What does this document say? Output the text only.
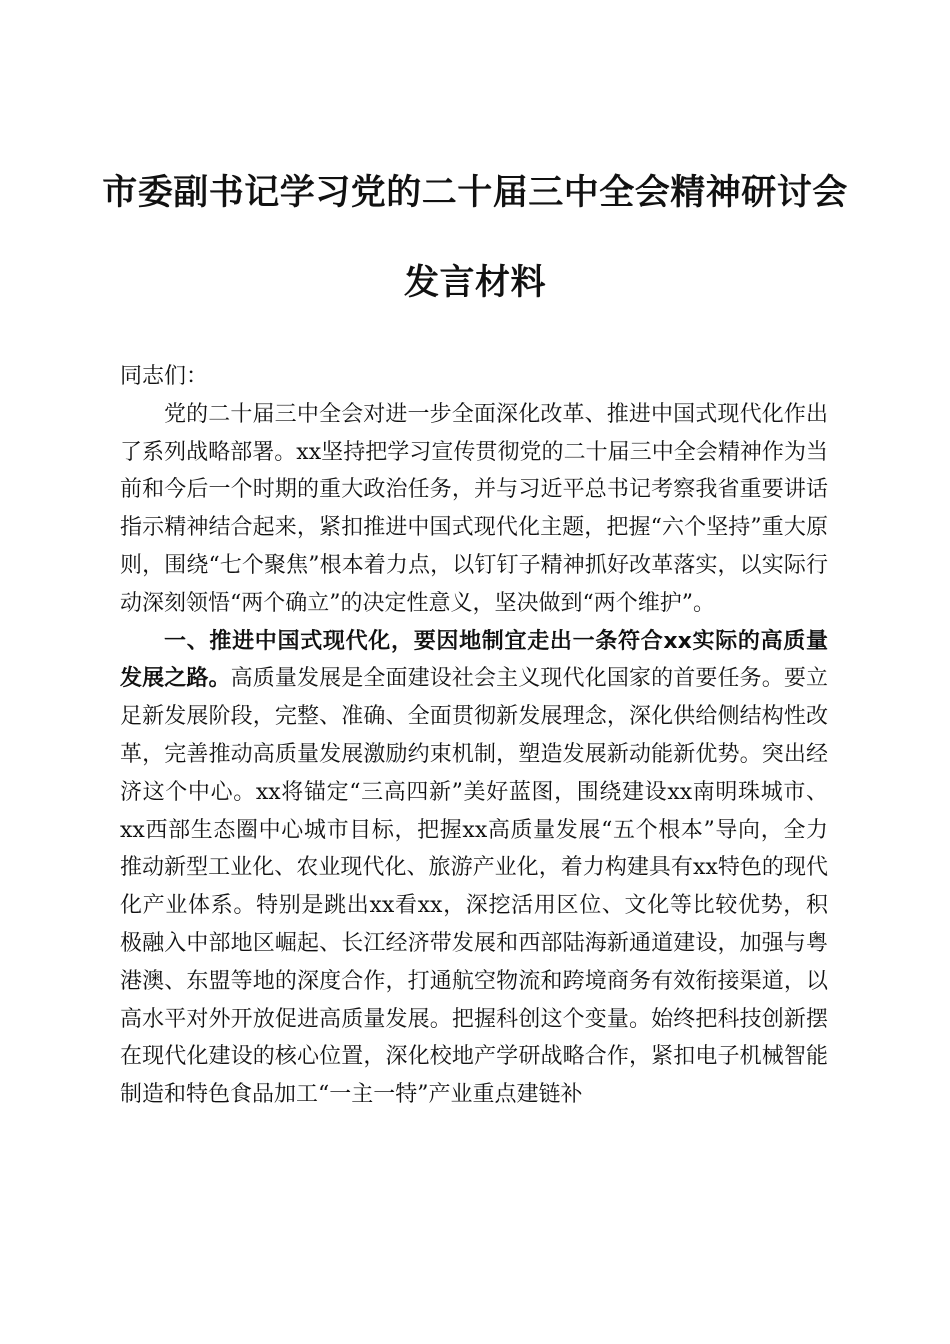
市委副书记学习党的二十届三中全会精神研讨会发言材料

同志们：

党的二十届三中全会对进一步全面深化改革、推进中国式现代化作出了系列战略部署。xx坚持把学习宣传贯彻党的二十届三中全会精神作为当前和今后一个时期的重大政治任务，并与习近平总书记考察我省重要讲话指示精神结合起来，紧扣推进中国式现代化主题，把握“六个坚持”重大原则，围绕“七个聚焦”根本着力点，以钉钉子精神抓好改革落实，以实际行动深刻领悟“两个确立”的决定性意义，坚决做到“两个维护”。

一、推进中国式现代化，要因地制宜走出一条符合xx实际的高质量发展之路。高质量发展是全面建设社会主义现代化国家的首要任务。要立足新发展阶段，完整、准确、全面贯彻新发展理念，深化供给侧结构性改革，完善推动高质量发展激励约束机制，塑造发展新动能新优势。突出经济这个中心。xx将锚定“三高四新”美好蓝图，围绕建设xx南明珠城市、xx西部生态圈中心城市目标，把握xx高质量发展“五个根本”导向，全力推动新型工业化、农业现代化、旅游产业化，着力构建具有xx特色的现代化产业体系。特别是跳出xx看xx，深挖活用区位、文化等比较优势，积极融入中部地区崛起、长江经济带发展和西部陆海新通道建设，加强与粤港澳、东盟等地的深度合作，打通航空物流和跨境商务有效衔接渠道，以高水平对外开放促进高质量发展。把握科创这个变量。始终把科技创新摆在现代化建设的核心位置，深化校地产学研战略合作，紧扣电子机械智能制造和特色食品加工“一主一特”产业重点建链补
